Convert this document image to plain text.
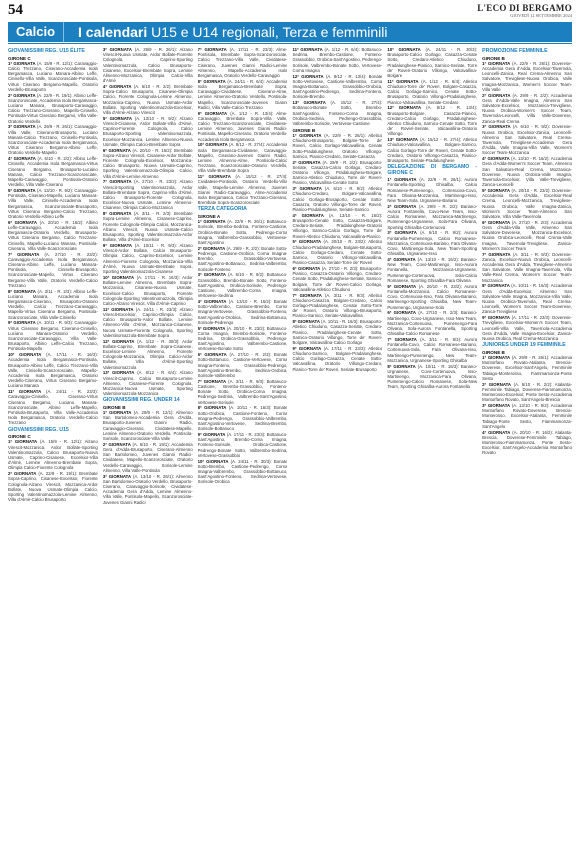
54	L'ECO DI BERGAMO
GIOVEDÌ 12 SETTEMBRE 2024
Calcio	I calendari U15 e U14 regionali, Terza e femminili
GIOVANISSIMI REG. U15 ÉLITE
GIRONE C

1ª GIORNATA (A. 15/9 - R. 12/1): Caravaggio-Calcio Trezzano, Ciserano-Accademia Isola Bergamasca, Luciano Manara-Albino Leffe, Cinisello-Villa Valle, Scanzorosciate-Pontisola, Virtus Ciserano Bergamo-Mapello, Oratorio Verdello-Brusaporto

2ª GIORNATA (A. 22/9 - R. 19/1): Albino Leffe-Scanzorosciate, Accademia Isola Bergamasca-Luciano Manara, Brusaporto-Caravaggio, Calcio Trezzano-Ciserano, Mapello-Cinisello, Pontisola-Virtus Ciserano Bergamo, Villa Valle-Oratorio Verdello

3ª GIORNATA (A. 29/9 - R. 26/1): Caravaggio-Villa Valle, Ciserano-Brusaporto, Luciano Manara-Calcio Trezzano, Cinisello-Pontisola, Scanzorosciate-Accademia Isola Bergamasca, Virtus Ciserano Bergamo-Albino Leffe, Oratorio Verdello-Mapello

4ª GIORNATA (A. 6/10 - R. 2/2): Albino Leffe-Cinisello, Accademia Isola Bergamasca-Virtus Ciserano Bergamo, Brusaporto-Luciano Manara, Calcio Trezzano-Scanzorosciate, Mapello-Caravaggio, Pontisola-Oratorio Verdello, Villa Valle-Ciserano

5ª GIORNATA (A. 13/10 - R. 9/2): Caravaggio-Pontisola, Ciserano-Mapello, Luciano Manara-Villa Valle, Cinisello-Accademia Isola Bergamasca, Scanzorosciate-Brusaporto, Virtus Ciserano Bergamo-Calcio Trezzano, Oratorio Verdello-Albino Leffe

6ª GIORNATA (A. 20/10 - R. 16/2): Albino Leffe-Caravaggio, Accademia Isola Bergamasca-Oratorio Verdello, Brusaporto-Virtus Ciserano Bergamo, Calcio Trezzano-Cinisello, Mapello-Luciano Manara, Pontisola-Ciserano, Villa Valle-Scanzorosciate

7ª GIORNATA (A. 27/10 - R. 23/2): Caravaggio-Accademia Isola Bergamasca, Ciserano-Albino Leffe, Luciano Manara-Pontisola, Cinisello-Brusaporto, Scanzorosciate-Mapello, Virtus Ciserano Bergamo-Villa Valle, Oratorio Verdello-Calcio Trezzano

8ª GIORNATA (A. 3/11 - R. 2/3): Albino Leffe-Luciano Manara, Accademia Isola Bergamasca-Ciserano, Brusaporto-Oratorio Verdello, Calcio Trezzano-Caravaggio, Mapello-Virtus Ciserano Bergamo, Pontisola-Scanzorosciate, Villa Valle-Cinisello

9ª GIORNATA (A. 10/11 - R. 9/3): Caravaggio-Virtus Ciserano Bergamo, Ciserano-Cinisello, Luciano Manara-Oratorio Verdello, Scanzorosciate-Caravaggio, Villa Valle-Brusaporto, Albino Leffe-Calcio Trezzano, Pontisola-Mapello

10ª GIORNATA (A. 17/11 - R. 16/3): Accademia Isola Bergamasca-Pontisola, Brusaporto-Albino Leffe, Calcio Trezzano-Villa Valle, Cinisello-Scanzorosciate, Mapello-Accademia Isola Bergamasca, Oratorio Verdello-Ciserano, Virtus Ciserano Bergamo-Luciano Manara

11ª GIORNATA (A. 24/11 - R. 23/3): Caravaggio-Cinisello, Ciserano-Virtus Ciserano Bergamo, Luciano Manara-Scanzorosciate, Albino Leffe-Mapello, Pontisola-Brusaporto, Villa Valle-Accademia Isola Bergamasca, Oratorio Verdello-Calcio Trezzano

GIOVANISSIMI REG. U15
GIRONE C

1ª GIORNATA (A. 15/9 - R. 12/1): Alzano Virescit-Mozzanica, Ardor Bollate-Sporting Valentinomazzola, Calcio Brusaporto-Nuova Usmate, Caprino-Cisanese, Excelsior-Villa d'Almè, Lemine Almenno-Brembate Sopra, Olimpia Calcio-Fiorente Colognola

2ª GIORNATA (A. 22/9 - R. 19/1): Brembate Sopra-Caprino, Cisanese-Excelsior, Fiorente Colognola-Alzano Virescit, Mozzanica-Ardor Bollate, Nuova Usmate-Olimpia Calcio, Sporting Valentinomazzola-Lemine Almenno, Villa d'Almè-Calcio Brusaporto

3ª GIORNATA (A. 29/9 - R. 26/1): Alzano Virescit-Nuova Usmate, Ardor Bollate-Fiorente Colognola, Caprino-Sporting Valentinomazzola, Calcio Brusaporto-Cisanese, Excelsior-Brembate Sopra, Lemine Almenno-Mozzanica, Olimpia Calcio-Villa d'Almè

4ª GIORNATA (A. 6/10 - R. 2/2): Brembate Sopra-Calcio Brusaporto, Cisanese-Olimpia Calcio, Fiorente Colognola-Lemine Almenno, Mozzanica-Caprino, Nuova Usmate-Ardor Bollate, Sporting Valentinomazzola-Excelsior, Villa d'Almè-Alzano Virescit

5ª GIORNATA (A. 13/10 - R. 9/2): Alzano Virescit-Cisanese, Ardor Bollate-Villa d'Almè, Caprino-Fiorente Colognola, Calcio Brusaporto-Sporting Valentinomazzola, Excelsior-Mozzanica, Lemine Almenno-Nuova Usmate, Olimpia Calcio-Brembate Sopra

6ª GIORNATA (A. 20/10 - R. 16/2): Brembate Sopra-Alzano Virescit, Cisanese-Ardor Bollate, Fiorente Colognola-Excelsior, Mozzanica-Calcio Brusaporto, Nuova Usmate-Caprino, Sporting Valentinomazzola-Olimpia Calcio, Villa d'Almè-Lemine Almenno

7ª GIORNATA (A. 27/10 - R. 23/2): Alzano Virescit-Sporting Valentinomazzola, Ardor Bollate-Brembate Sopra, Caprino-Villa d'Almè, Calcio Brusaporto-Fiorente Colognola, Excelsior-Nuova Usmate, Lemine Almenno-Cisanese, Olimpia Calcio-Mozzanica

8ª GIORNATA (A. 3/11 - R. 2/3): Brembate Sopra-Lemine Almenno, Cisanese-Caprino, Fiorente Colognola-Olimpia Calcio, Mozzanica-Alzano Virescit, Nuova Usmate-Calcio Brusaporto, Sporting Valentinomazzola-Ardor Bollate, Villa d'Almè-Excelsior

9ª GIORNATA (A. 10/11 - R. 9/3): Alzano Virescit-Ardor Bollate, Calcio Brusaporto-Olimpia Calcio, Caprino-Excelsior, Lemine Almenno-Fiorente Colognola, Mozzanica-Villa d'Almè, Nuova Usmate-Brembate Sopra, Sporting Valentinomazzola-Cisanese

10ª GIORNATA (A. 17/11 - R. 16/3): Ardor Bollate-Lemine Almenno, Brembate Sopra-Mozzanica, Cisanese-Nuova Usmate, Excelsior-Calcio Brusaporto, Fiorente Colognola-Sporting Valentinomazzola, Olimpia Calcio-Alzano Virescit, Villa d'Almè-Caprino

11ª GIORNATA (A. 24/11 - R. 23/3): Alzano Virescit-Excelsior, Caprino-Olimpia Calcio, Calcio Brusaporto-Ardor Bollate, Lemine Almenno-Villa d'Almè, Mozzanica-Cisanese, Nuova Usmate-Fiorente Colognola, Sporting Valentinomazzola-Brembate Sopra

12ª GIORNATA (A. 1/12 - R. 30/3): Ardor Bollate-Caprino, Brembate Sopra-Cisanese, Excelsior-Lemine Almenno, Fiorente Colognola-Mozzanica, Olimpia Calcio-Ardor Bollate, Villa d'Almè-Sporting Valentinomazzola

13ª GIORNATA (A. 8/12 - R. 6/4): Alzano Virescit-Caprino, Calcio Brusaporto-Lemine Almenno, Cisanese-Fiorente Colognola, Mozzanica-Nuova Usmate, Sporting Valentinomazzola-Mozzanica

GIOVANISSIMI REG. UNDER 14
GIRONE B

1ª GIORNATA (A. 29/9 - R. 12/1): Almenno San Bartolomeo-Accademia Gera d'Adda, Brusaporto-Juvenes Gianni Radici, Caravaggio-Ciserano, Cividatese-Mapello, Lemine Almenno-Oratorio Verdello, Pontisola-Sorisole, Scanzorosciate-Villa Valle

2ª GIORNATA (A. 6/10 - R. 19/1): Accademia Gera d'Adda-Brusaporto, Ciserano-Almenno San Bartolomeo, Juvenes Gianni Radici-Cividatese, Mapello-Scanzorosciate, Oratorio Verdello-Caravaggio, Sorisole-Lemine Almenno, Villa Valle-Pontisola

3ª GIORNATA (A. 13/10 - R. 26/1): Almenno San Bartolomeo-Oratorio Verdello, Brusaporto-Ciserano, Caravaggio-Sorisole, Cividatese-Accademia Gera d'Adda, Lemine Almenno-Villa Valle, Pontisola-Mapello, Scanzorosciate-Juvenes Gianni Radici

7ª GIORNATA (A. 17/11 - R. 23/3): Alme-Pontisola, Brembate Sopra-Scanzorosciate, Calcio Trezzano-Villa Valle, Cividatese-Ciserano, Juvenes Gianni Radici-Lemine Almenno, Mapello-Accademia Isola Bergamasca, Oratorio Verdello-Caravaggio

8ª GIORNATA (A. 24/11 - R. 6/4): Accademia Isola Bergamasca-Brembate Sopra, Caravaggio-Cividatese, Ciserano-Alme, Lemine Almenno-Oratorio Verdello, Pontisola-Mapello, Scanzorosciate-Juvenes Gianni Radici, Villa Valle-Calcio Trezzano

9ª GIORNATA (A. 1/12 - R. 13/4): Alme-Caravaggio, Brembate Sopra-Villa Valle, Calcio Trezzano-Scanzorosciate, Cividatese-Lemine Almenno, Juvenes Gianni Radici-Pontisola, Mapello-Ciserano, Oratorio Verdello-Accademia Isola Bergamasca

10ª GIORNATA (A. 8/12 - R. 27/4): Accademia Isola Bergamasca-Cividatese, Caravaggio-Mapello, Ciserano-Juvenes Gianni Radici, Lemine Almenno-Alme, Pontisola-Calcio Trezzano, Scanzorosciate-Oratorio Verdello, Villa Valle-Brembate Sopra

11ª GIORNATA (A. 15/12 - R. 27/4): Cividatese-Pontisola, Oratorio Verdello-Villa Valle, Mapello-Lemine Almenno, Juvenes Gianni Radici-Caravaggio, Alme-Accademia Isola Bergamasca, Calcio Trezzano-Ciserano, Brembate Sopra-Scanzorosciate

TERZA CATEGORIA
GIRONE A

1ª GIORNATA (A. 22/9 - R. 26/1): Bottanuco-Sorisole, Brembo-Sedrina, Fonteno-Castione, Orobica-Bonate Sotto, Pedrengo-Corna Imagna, Valbrembo-Grassobbio, Vertovese-Sant'Agostino

2ª GIORNATA (A. 29/9 - R. 2/2): Bonate Sotto-Pedrengo, Castione-Orobica, Corna Imagna-Brembo, Grassobbio-Vertovese, Sant'Agostino-Bottanuco, Sedrina-Valbrembo, Sorisole-Fonteno

3ª GIORNATA (A. 6/10 - R. 9/2): Bottanuco-Grassobbio, Brembo-Bonate Sotto, Fonteno-Sant'Agostino, Orobica-Sorisole, Pedrengo-Castione, Valbrembo-Corna Imagna, Vertovese-Sedrina

4ª GIORNATA (A. 13/10 - R. 16/2): Bonate Sotto-Valbrembo, Castione-Brembo, Corna Imagna-Vertovese, Grassobbio-Fonteno, Sant'Agostino-Orobica, Sedrina-Bottanuco, Sorisole-Pedrengo

5ª GIORNATA (A. 20/10 - R. 23/2): Bottanuco-Corna Imagna, Brembo-Sorisole, Fonteno-Sedrina, Orobica-Grassobbio, Pedrengo-Sant'Agostino, Valbrembo-Castione, Vertovese-Bonate Sotto

6ª GIORNATA (A. 27/10 - R. 2/3): Bonate Sotto-Bottanuco, Castione-Vertovese, Corna Imagna-Fonteno, Grassobbio-Pedrengo, Sant'Agostino-Brembo, Sedrina-Orobica, Sorisole-Valbrembo

7ª GIORNATA (A. 3/11 - R. 9/3): Bottanuco-Castione, Brembo-Grassobbio, Fonteno-Bonate Sotto, Orobica-Corna Imagna, Pedrengo-Sedrina, Valbrembo-Sant'Agostino, Vertovese-Sorisole

8ª GIORNATA (A. 10/11 - R. 16/3): Bonate Sotto-Orobica, Castione-Fonteno, Corna Imagna-Pedrengo, Grassobbio-Valbrembo, Sant'Agostino-Vertovese, Sedrina-Brembo, Sorisole-Bottanuco

9ª GIORNATA (A. 17/11 - R. 23/3): Bottanuco-Sant'Agostino, Brembo-Corna Imagna, Fonteno-Sorisole, Orobica-Castione, Pedrengo-Bonate Sotto, Valbrembo-Sedrina, Vertovese-Grassobbio

10ª GIORNATA (A. 24/11 - R. 30/3): Bonate Sotto-Brembo, Castione-Pedrengo, Corna Imagna-Valbrembo, Grassobbio-Bottanuco, Sant'Agostino-Fonteno, Sedrina-Vertovese, Sorisole-Orobica

11ª GIORNATA (A. 1/12 - R. 6/4): Bottanuco-Sedrina, Brembo-Castione, Fonteno-Grassobbio, Orobica-Sant'Agostino, Pedrengo-Sorisole, Valbrembo-Bonate Sotto, Vertovese-Corna Imagna

12ª GIORNATA (A. 8/12 - R. 13/4): Bonate Sotto-Vertovese, Castione-Valbrembo, Corna Imagna-Bottanuco, Grassobbio-Orobica, Sant'Agostino-Pedrengo, Sedrina-Fonteno, Sorisole-Brembo

13ª GIORNATA (A. 15/12 - R. 27/4): Bottanuco-Bonate Sotto, Brembo-Sant'Agostino, Fonteno-Corna Imagna, Orobica-Sedrina, Pedrengo-Grassobbio, Valbrembo-Sorisole, Vertovese-Castione

GIRONE B

1ª GIORNATA (A. 22/9 - R. 26/1): Atletico Chiuduno-Brusaporto, Bolgare-Torre de' Roveri, Calcio Gorlago-Valcavallina, Cenate Sotto-Pradalunghese, Oratorio Villongo-Sarnico, Pianico-Credaro, Seriate-Casazza

2ª GIORNATA (A. 29/9 - R. 2/2): Brusaporto-Seriate, Casazza-Calcio Gorlago, Credaro-Oratorio Villongo, Pradalunghese-Bolgare, Sarnico-Atletico Chiuduno, Torre de' Roveri-Pianico, Valcavallina-Cenate Sotto

3ª GIORNATA (A. 6/10 - R. 9/2): Atletico Chiuduno-Credaro, Bolgare-Valcavallina, Calcio Gorlago-Brusaporto, Cenate Sotto-Casazza, Oratorio Villongo-Torre de' Roveri, Pianico-Pradalunghese, Seriate-Sarnico

4ª GIORNATA (A. 13/10 - R. 16/2): Brusaporto-Cenate Sotto, Casazza-Bolgare, Credaro-Seriate, Pradalunghese-Oratorio Villongo, Sarnico-Calcio Gorlago, Torre de' Roveri-Atletico Chiuduno, Valcavallina-Pianico

5ª GIORNATA (A. 20/10 - R. 23/2): Atletico Chiuduno-Pradalunghese, Bolgare-Brusaporto, Calcio Gorlago-Credaro, Cenate Sotto-Sarnico, Oratorio Villongo-Valcavallina, Pianico-Casazza, Seriate-Torre de' Roveri

6ª GIORNATA (A. 27/10 - R. 2/3): Brusaporto-Pianico, Casazza-Oratorio Villongo, Credaro-Cenate Sotto, Pradalunghese-Seriate, Sarnico-Bolgare, Torre de' Roveri-Calcio Gorlago, Valcavallina-Atletico Chiuduno

7ª GIORNATA (A. 3/11 - R. 9/3): Atletico Chiuduno-Casazza, Bolgare-Credaro, Calcio Gorlago-Pradalunghese, Cenate Sotto-Torre de' Roveri, Oratorio Villongo-Brusaporto, Pianico-Sarnico, Seriate-Valcavallina

8ª GIORNATA (A. 10/11 - R. 16/3): Brusaporto-Atletico Chiuduno, Casazza-Seriate, Credaro-Pianico, Pradalunghese-Cenate Sotto, Sarnico-Oratorio Villongo, Torre de' Roveri-Bolgare, Valcavallina-Calcio Gorlago

9ª GIORNATA (A. 17/11 - R. 23/3): Atletico Chiuduno-Sarnico, Bolgare-Pradalunghese, Calcio Gorlago-Casazza, Cenate Sotto-Valcavallina, Oratorio Villongo-Credaro, Pianico-Torre de' Roveri, Seriate-Brusaporto

10ª GIORNATA (A. 24/11 - R. 30/3): Brusaporto-Calcio Gorlago, Casazza-Cenate Sotto, Credaro-Atletico Chiuduno, Pradalunghese-Pianico, Sarnico-Seriate, Torre de' Roveri-Oratorio Villongo, Valcavallina-Bolgare

11ª GIORNATA (A. 1/12 - R. 6/4): Atletico Chiuduno-Torre de' Roveri, Bolgare-Casazza, Calcio Gorlago-Sarnico, Cenate Sotto-Brusaporto, Oratorio Villongo-Pradalunghese, Pianico-Valcavallina, Seriate-Credaro

12ª GIORNATA (A. 8/12 - R. 13/4): Brusaporto-Bolgare, Casazza-Pianico, Credaro-Calcio Gorlago, Pradalunghese-Atletico Chiuduno, Sarnico-Cenate Sotto, Torre de' Roveri-Seriate, Valcavallina-Oratorio Villongo

13ª GIORNATA (A. 15/12 - R. 27/4): Atletico Chiuduno-Valcavallina, Bolgare-Sarnico, Calcio Gorlago-Torre de' Roveri, Cenate Sotto-Credaro, Oratorio Villongo-Casazza, Pianico-Brusaporto, Seriate-Pradalunghese

DELEGAZIONE DI BERGAMO - GIRONE C

1ª GIORNATA (A. 22/9 - R. 26/1): Aurora Fontanella-Sporting Ghisalba, Calcio Romanese-Pumenengo, Cortenuova-Covo, Fara Olivana-Mozzanica, Martinengo-Isso, New Team-Sola, Urgnanese-Bariano

2ª GIORNATA (A. 29/9 - R. 2/2): Bariano-Aurora Fontanella, Covo-New Team, Isso-Calcio Romanese, Mozzanica-Martinengo, Pumenengo-Urgnanese, Sola-Fara Olivana, Sporting Ghisalba-Cortenuova

3ª GIORNATA (A. 6/10 - R. 9/2): Aurora Fontanella-Pumenengo, Calcio Romanese-Mozzanica, Cortenuova-Bariano, Fara Olivana-Covo, Martinengo-Sola, New Team-Sporting Ghisalba, Urgnanese-Isso

4ª GIORNATA (A. 13/10 - R. 16/2): Bariano-New Team, Covo-Martinengo, Isso-Aurora Fontanella, Mozzanica-Urgnanese, Pumenengo-Cortenuova, Sola-Calcio Romanese, Sporting Ghisalba-Fara Olivana

5ª GIORNATA (A. 20/10 - R. 23/2): Aurora Fontanella-Mozzanica, Calcio Romanese-Covo, Cortenuova-Isso, Fara Olivana-Bariano, Martinengo-Sporting Ghisalba, New Team-Pumenengo, Urgnanese-Sola

6ª GIORNATA (A. 27/10 - R. 2/3): Bariano-Martinengo, Covo-Urgnanese, Isso-New Team, Mozzanica-Cortenuova, Pumenengo-Fara Olivana, Sola-Aurora Fontanella, Sporting Ghisalba-Calcio Romanese

7ª GIORNATA (A. 3/11 - R. 9/3): Aurora Fontanella-Covo, Calcio Romanese-Bariano, Cortenuova-Sola, Fara Olivana-Isso, Martinengo-Pumenengo, New Team-Mozzanica, Urgnanese-Sporting Ghisalba

8ª GIORNATA (A. 10/11 - R. 16/3): Bariano-Urgnanese, Covo-Cortenuova, Isso-Martinengo, Mozzanica-Fara Olivana, Pumenengo-Calcio Romanese, Sola-New Team, Sporting Ghisalba-Aurora Fontanella

PROMOZIONE FEMMINILE
GIRONE B

1ª GIORNATA (A. 22/9 - R. 26/1): Doverese-Accademia Gera d'Adda, Excelsior-Tavernola, Leoncelli-Zanica, Real Crema-Almenno San Salvatore, Trevigliese-Nuova Orobica, Valle Imagna-Mozzanica, Women's Soccer Team-Villa Valle

2ª GIORNATA (A. 29/9 - R. 2/2): Accademia Gera d'Adda-Valle Imagna, Almenno San Salvatore-Excelsior, Mozzanica-Trevigliese, Nuova Orobica-Women's Soccer Team, Tavernola-Leoncelli, Villa Valle-Doverese, Zanica-Real Crema

3ª GIORNATA (A. 6/10 - R. 9/2): Doverese-Nuova Orobica, Excelsior-Zanica, Leoncelli-Almenno San Salvatore, Real Crema-Tavernola, Trevigliese-Accademia Gera d'Adda, Valle Imagna-Villa Valle, Women's Soccer Team-Mozzanica

4ª GIORNATA (A. 13/10 - R. 16/2): Accademia Gera d'Adda-Women's Soccer Team, Almenno San Salvatore-Real Crema, Mozzanica-Doverese, Nuova Orobica-Valle Imagna, Tavernola-Excelsior, Villa Valle-Trevigliese, Zanica-Leoncelli

5ª GIORNATA (A. 20/10 - R. 23/2): Doverese-Accademia Gera d'Adda, Excelsior-Real Crema, Leoncelli-Mozzanica, Trevigliese-Nuova Orobica, Valle Imagna-Zanica, Women's Soccer Team-Almenno San Salvatore, Villa Valle-Tavernola

6ª GIORNATA (A. 27/10 - R. 2/3): Accademia Gera d'Adda-Villa Valle, Almenno San Salvatore-Doverese, Mozzanica-Excelsior, Nuova Orobica-Leoncelli, Real Crema-Valle Imagna, Tavernola-Trevigliese, Zanica-Women's Soccer Team

7ª GIORNATA (A. 3/11 - R. 9/3): Doverese-Zanica, Excelsior-Nuova Orobica, Leoncelli-Accademia Gera d'Adda, Trevigliese-Almenno San Salvatore, Valle Imagna-Tavernola, Villa Valle-Real Crema, Women's Soccer Team-Mozzanica

8ª GIORNATA (A. 10/11 - R. 16/3): Accademia Gera d'Adda-Excelsior, Almenno San Salvatore-Valle Imagna, Mozzanica-Villa Valle, Nuova Orobica-Tavernola, Real Crema-Leoncelli, Women's Soccer Team-Doverese, Zanica-Trevigliese

9ª GIORNATA (A. 17/11 - R. 23/3): Doverese-Trevigliese, Excelsior-Women's Soccer Team, Leoncelli-Villa Valle, Tavernola-Accademia Gera d'Adda, Valle Imagna-Excelsior, Zanica-Nuova Orobica, Real Crema-Mozzanica

JUNIORES UNDER 19 FEMMINILE
GIRONE B

1ª GIORNATA (A. 29/9 - R. 26/1): Accademia Montorfano Rovato-Atalanta, Brescia-Doverese, Excelsior-Sant'Angelo, Femminile Tabiago-Monterosso, Fiammamonza-Ponte Sesto

2ª GIORNATA (A. 6/10 - R. 2/2): Atalanta-Femminile Tabiago, Doverese-Fiammamonza, Monterosso-Excelsior, Ponte Sesto-Accademia Montorfano Rovato, Sant'Angelo-Brescia

3ª GIORNATA (A. 13/10 - R. 9/2): Accademia Montorfano Rovato-Doverese, Brescia-Monterosso, Excelsior-Atalanta, Femminile Tabiago-Ponte Sesto, Fiammamonza-Sant'Angelo

4ª GIORNATA (A. 20/10 - R. 16/2): Atalanta-Brescia, Doverese-Femminile Tabiago, Monterosso-Fiammamonza, Ponte Sesto-Excelsior, Sant'Angelo-Accademia Montorfano Rovato
